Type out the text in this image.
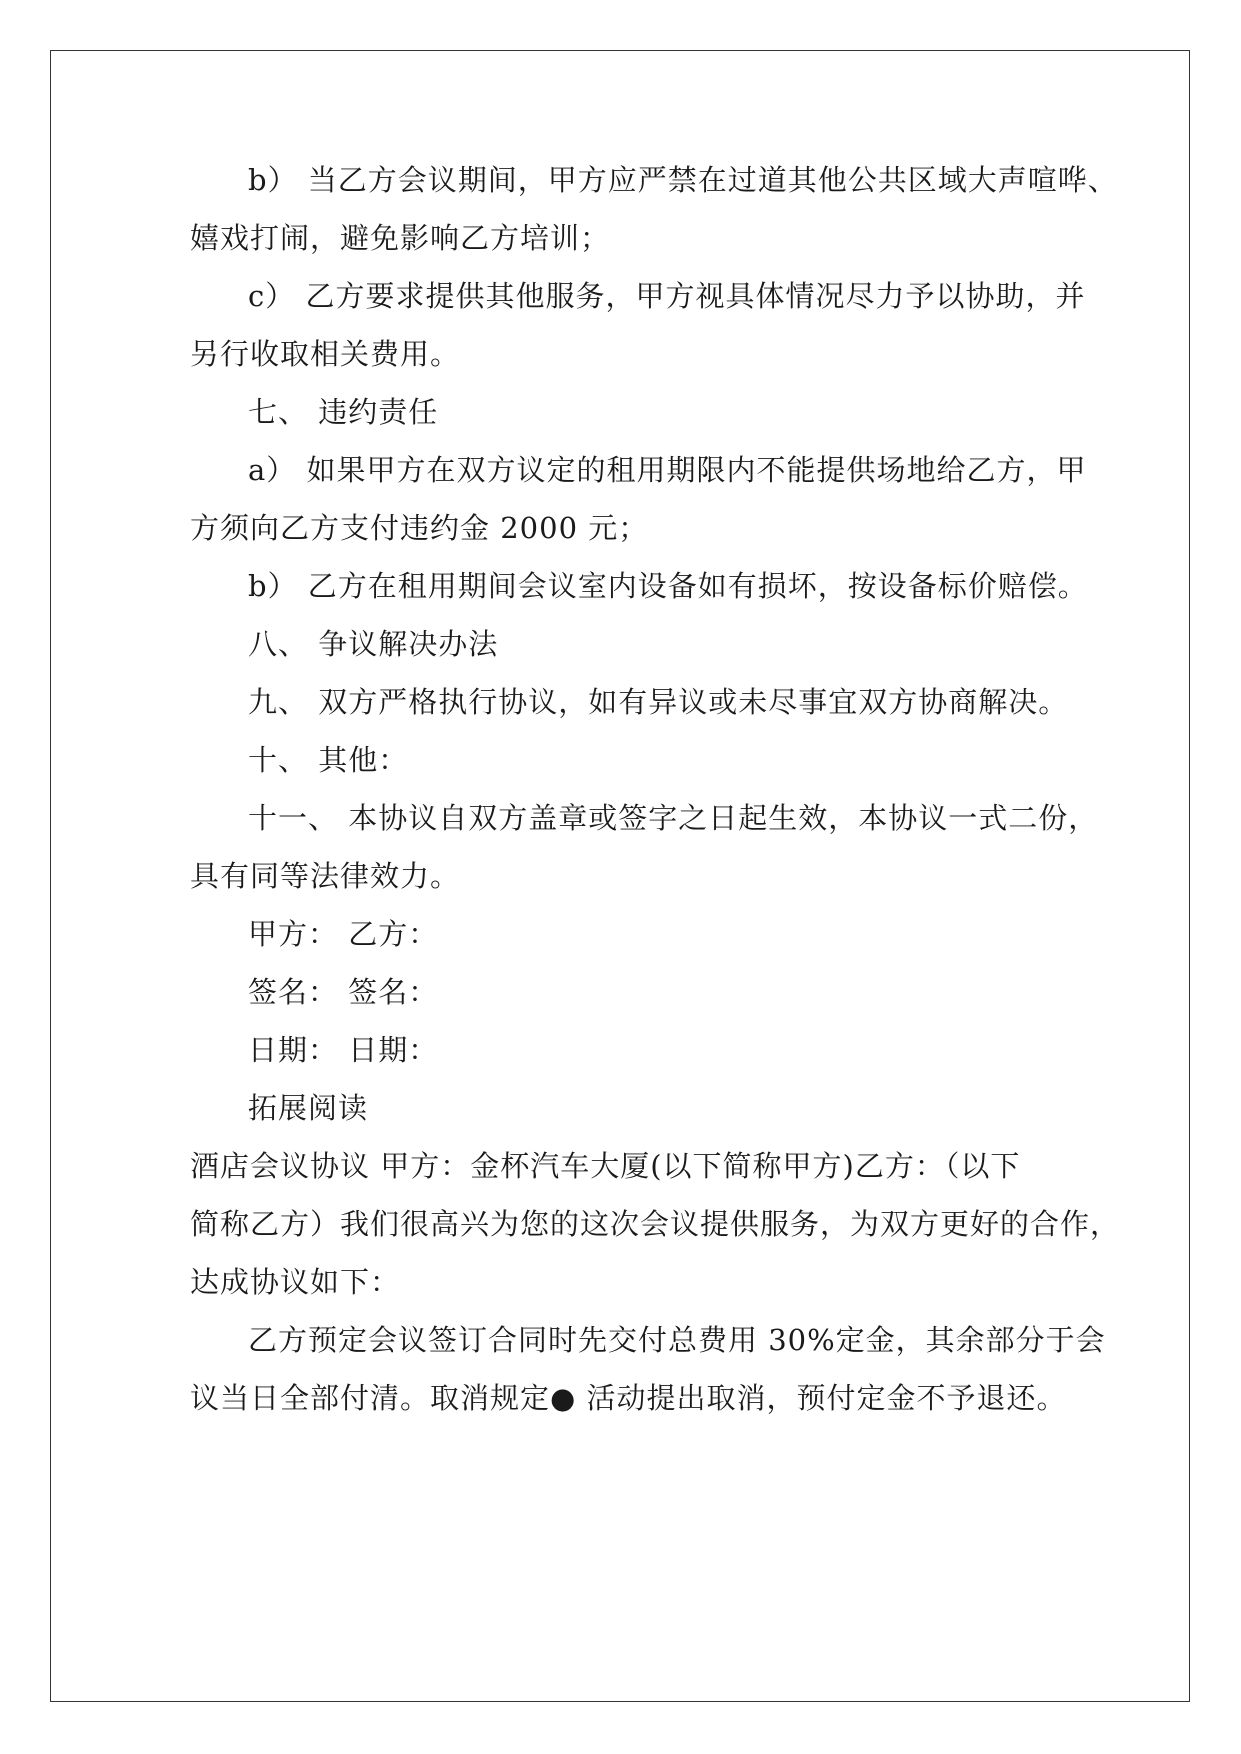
b） 当乙方会议期间，甲方应严禁在过道其他公共区域大声喧哗、
嬉戏打闹，避免影响乙方培训；
c） 乙方要求提供其他服务，甲方视具体情况尽力予以协助，并
另行收取相关费用。
七、 违约责任
a） 如果甲方在双方议定的租用期限内不能提供场地给乙方，甲
方须向乙方支付违约金 2000 元；
b） 乙方在租用期间会议室内设备如有损坏，按设备标价赔偿。
八、 争议解决办法
九、 双方严格执行协议，如有异议或未尽事宜双方协商解决。
十、 其他：
十一、 本协议自双方盖章或签字之日起生效，本协议一式二份，
具有同等法律效力。
甲方： 乙方：
签名： 签名：
日期： 日期：
拓展阅读
酒店会议协议 甲方：金杯汽车大厦(以下简称甲方)乙方：（以下
简称乙方）我们很高兴为您的这次会议提供服务，为双方更好的合作，
达成协议如下：
乙方预定会议签订合同时先交付总费用 30%定金，其余部分于会
议当日全部付清。取消规定● 活动提出取消，预付定金不予退还。
